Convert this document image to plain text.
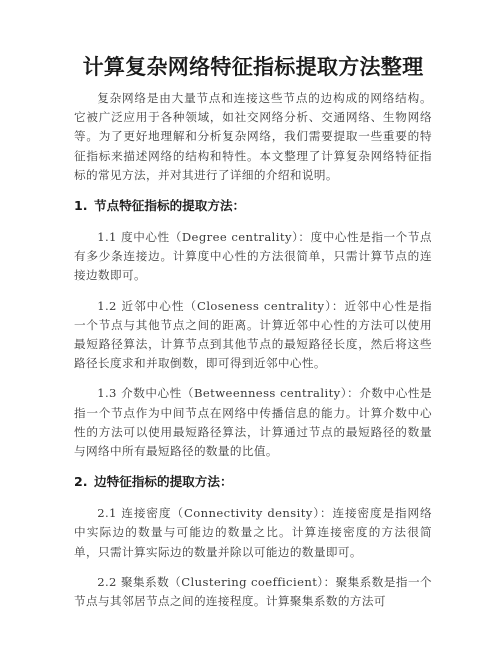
计算复杂网络特征指标提取方法整理

复杂网络是由大量节点和连接这些节点的边构成的网络结构。它被广泛应用于各种领域，如社交网络分析、交通网络、生物网络等。为了更好地理解和分析复杂网络，我们需要提取一些重要的特征指标来描述网络的结构和特性。本文整理了计算复杂网络特征指标的常见方法，并对其进行了详细的介绍和说明。

1. 节点特征指标的提取方法：

1.1 度中心性（Degree centrality）：度中心性是指一个节点有多少条连接边。计算度中心性的方法很简单，只需计算节点的连接边数即可。

1.2 近邻中心性（Closeness centrality）：近邻中心性是指一个节点与其他节点之间的距离。计算近邻中心性的方法可以使用最短路径算法，计算节点到其他节点的最短路径长度，然后将这些路径长度求和并取倒数，即可得到近邻中心性。

1.3 介数中心性（Betweenness centrality）：介数中心性是指一个节点作为中间节点在网络中传播信息的能力。计算介数中心性的方法可以使用最短路径算法，计算通过节点的最短路径的数量与网络中所有最短路径的数量的比值。

2. 边特征指标的提取方法：

2.1 连接密度（Connectivity density）：连接密度是指网络中实际边的数量与可能边的数量之比。计算连接密度的方法很简单，只需计算实际边的数量并除以可能边的数量即可。

2.2 聚集系数（Clustering coefficient）：聚集系数是指一个节点与其邻居节点之间的连接程度。计算聚集系数的方法可
